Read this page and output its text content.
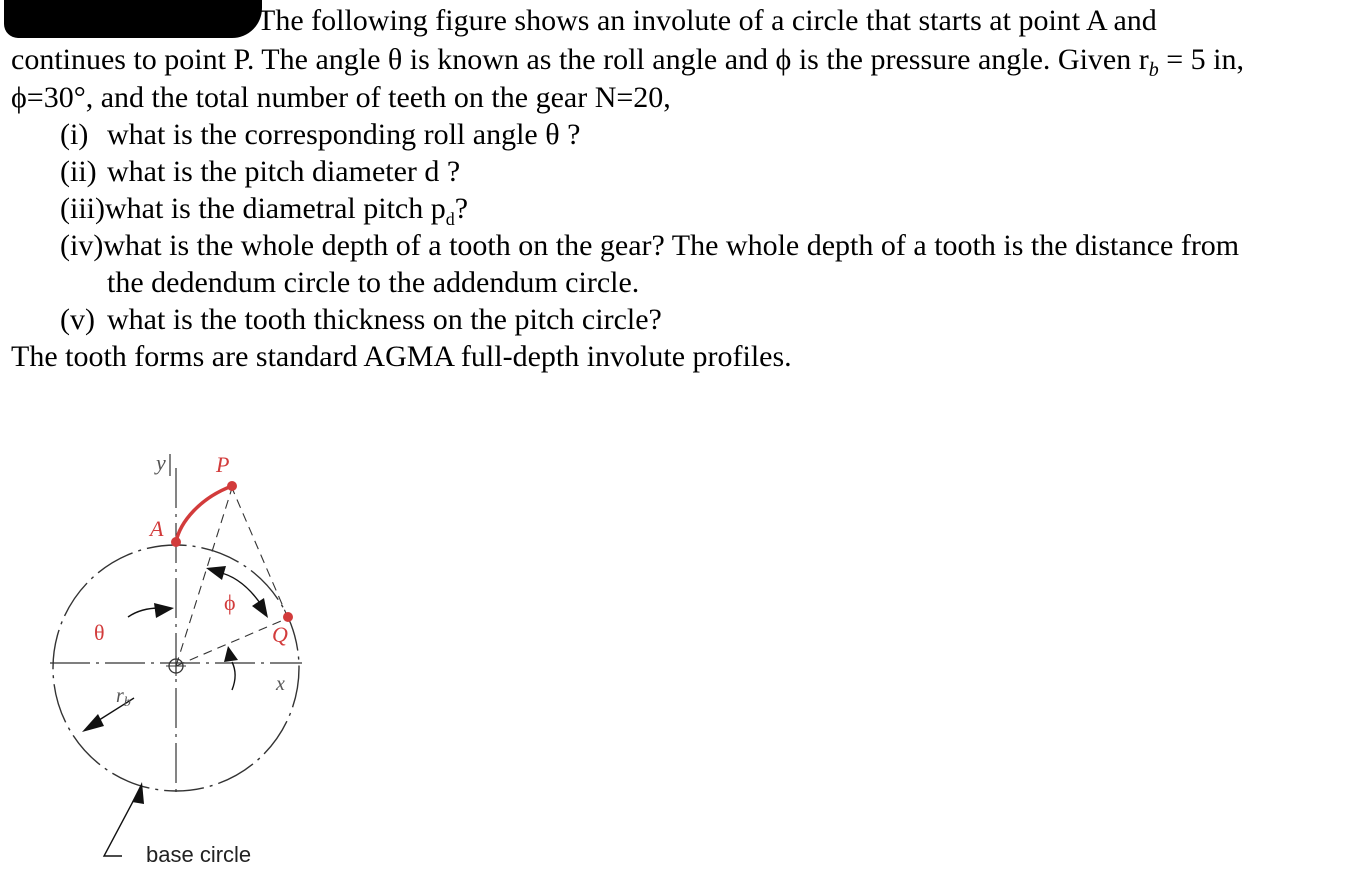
The following figure shows an involute of a circle that starts at point A and
continues to point P. The angle θ is known as the roll angle and ϕ is the pressure angle. Given $r_b = 5$ in,
ϕ=30°, and the total number of teeth on the gear N=20,
(i) what is the corresponding roll angle θ ?
(ii) what is the pitch diameter d ?
(iii)what is the diametral pitch $p_d$?
(iv)what is the whole depth of a tooth on the gear? The whole depth of a tooth is the distance from
the dedendum circle to the addendum circle.
(v) what is the tooth thickness on the pitch circle?
The tooth forms are standard AGMA full-depth involute profiles.
y P
A
ϕ
θ	Q
x
$r_b$
base circle
